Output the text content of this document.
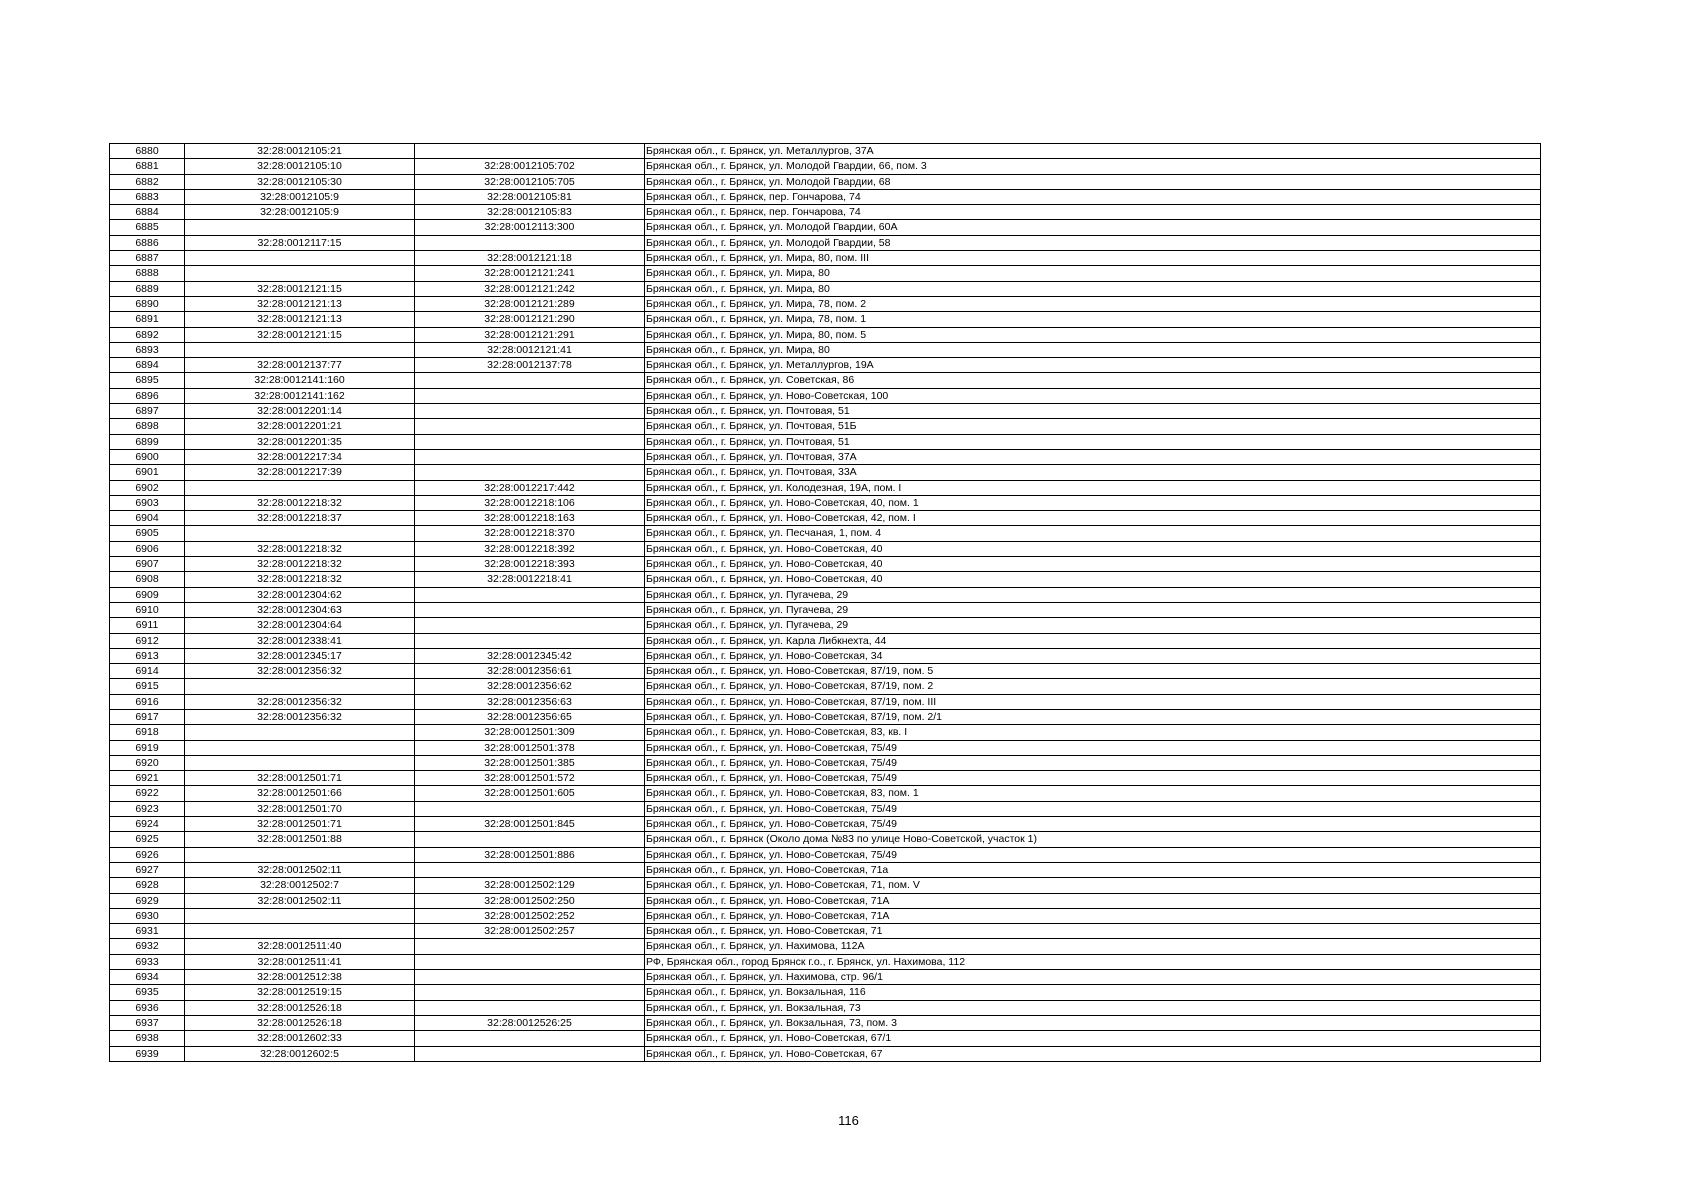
6880	32:28:0012105:21		Брянская обл., г. Брянск, ул. Металлургов, 37А
6881	32:28:0012105:10	32:28:0012105:702	Брянская обл., г. Брянск, ул. Молодой Гвардии, 66, пом. 3
6882	32:28:0012105:30	32:28:0012105:705	Брянская обл., г. Брянск, ул. Молодой Гвардии, 68
6883	32:28:0012105:9	32:28:0012105:81	Брянская обл., г. Брянск, пер. Гончарова, 74
6884	32:28:0012105:9	32:28:0012105:83	Брянская обл., г. Брянск, пер. Гончарова, 74
6885		32:28:0012113:300	Брянская обл., г. Брянск, ул. Молодой Гвардии, 60А
6886	32:28:0012117:15		Брянская обл., г. Брянск, ул. Молодой Гвардии, 58
6887		32:28:0012121:18	Брянская обл., г. Брянск, ул. Мира, 80, пом. III
6888		32:28:0012121:241	Брянская обл., г. Брянск, ул. Мира, 80
6889	32:28:0012121:15	32:28:0012121:242	Брянская обл., г. Брянск, ул. Мира, 80
6890	32:28:0012121:13	32:28:0012121:289	Брянская обл., г. Брянск, ул. Мира, 78, пом. 2
6891	32:28:0012121:13	32:28:0012121:290	Брянская обл., г. Брянск, ул. Мира, 78, пом. 1
6892	32:28:0012121:15	32:28:0012121:291	Брянская обл., г. Брянск, ул. Мира, 80, пом. 5
6893		32:28:0012121:41	Брянская обл., г. Брянск, ул. Мира, 80
6894	32:28:0012137:77	32:28:0012137:78	Брянская обл., г. Брянск, ул. Металлургов, 19А
6895	32:28:0012141:160		Брянская обл., г. Брянск, ул. Советская, 86
6896	32:28:0012141:162		Брянская обл., г. Брянск, ул. Ново-Советская, 100
6897	32:28:0012201:14		Брянская обл., г. Брянск, ул. Почтовая, 51
6898	32:28:0012201:21		Брянская обл., г. Брянск, ул. Почтовая, 51Б
6899	32:28:0012201:35		Брянская обл., г. Брянск, ул. Почтовая, 51
6900	32:28:0012217:34		Брянская обл., г. Брянск, ул. Почтовая, 37А
6901	32:28:0012217:39		Брянская обл., г. Брянск, ул. Почтовая, 33А
6902		32:28:0012217:442	Брянская обл., г. Брянск, ул. Колодезная, 19А, пом. I
6903	32:28:0012218:32	32:28:0012218:106	Брянская обл., г. Брянск, ул. Ново-Советская, 40, пом. 1
6904	32:28:0012218:37	32:28:0012218:163	Брянская обл., г. Брянск, ул. Ново-Советская, 42, пом. I
6905		32:28:0012218:370	Брянская обл., г. Брянск, ул. Песчаная, 1, пом. 4
6906	32:28:0012218:32	32:28:0012218:392	Брянская обл., г. Брянск, ул. Ново-Советская, 40
6907	32:28:0012218:32	32:28:0012218:393	Брянская обл., г. Брянск, ул. Ново-Советская, 40
6908	32:28:0012218:32	32:28:0012218:41	Брянская обл., г. Брянск, ул. Ново-Советская, 40
6909	32:28:0012304:62		Брянская обл., г. Брянск, ул. Пугачева, 29
6910	32:28:0012304:63		Брянская обл., г. Брянск, ул. Пугачева, 29
6911	32:28:0012304:64		Брянская обл., г. Брянск, ул. Пугачева, 29
6912	32:28:0012338:41		Брянская обл., г. Брянск, ул. Карла Либкнехта, 44
6913	32:28:0012345:17	32:28:0012345:42	Брянская обл., г. Брянск, ул. Ново-Советская, 34
6914	32:28:0012356:32	32:28:0012356:61	Брянская обл., г. Брянск, ул. Ново-Советская, 87/19, пом. 5
6915		32:28:0012356:62	Брянская обл., г. Брянск, ул. Ново-Советская, 87/19, пом. 2
6916	32:28:0012356:32	32:28:0012356:63	Брянская обл., г. Брянск, ул. Ново-Советская, 87/19, пом. III
6917	32:28:0012356:32	32:28:0012356:65	Брянская обл., г. Брянск, ул. Ново-Советская, 87/19, пом. 2/1
6918		32:28:0012501:309	Брянская обл., г. Брянск, ул. Ново-Советская, 83, кв. I
6919		32:28:0012501:378	Брянская обл., г. Брянск, ул. Ново-Советская, 75/49
6920		32:28:0012501:385	Брянская обл., г. Брянск, ул. Ново-Советская, 75/49
6921	32:28:0012501:71	32:28:0012501:572	Брянская обл., г. Брянск, ул. Ново-Советская, 75/49
6922	32:28:0012501:66	32:28:0012501:605	Брянская обл., г. Брянск, ул. Ново-Советская, 83, пом. 1
6923	32:28:0012501:70		Брянская обл., г. Брянск, ул. Ново-Советская, 75/49
6924	32:28:0012501:71	32:28:0012501:845	Брянская обл., г. Брянск, ул. Ново-Советская, 75/49
6925	32:28:0012501:88		Брянская обл., г. Брянск (Около дома №83 по улице Ново-Советской, участок 1)
6926		32:28:0012501:886	Брянская обл., г. Брянск, ул. Ново-Советская, 75/49
6927	32:28:0012502:11		Брянская обл., г. Брянск, ул. Ново-Советская, 71а
6928	32:28:0012502:7	32:28:0012502:129	Брянская обл., г. Брянск, ул. Ново-Советская, 71, пом. V
6929	32:28:0012502:11	32:28:0012502:250	Брянская обл., г. Брянск, ул. Ново-Советская, 71А
6930		32:28:0012502:252	Брянская обл., г. Брянск, ул. Ново-Советская, 71А
6931		32:28:0012502:257	Брянская обл., г. Брянск, ул. Ново-Советская, 71
6932	32:28:0012511:40		Брянская обл., г. Брянск, ул. Нахимова, 112А
6933	32:28:0012511:41		РФ, Брянская обл., город Брянск г.о., г. Брянск, ул. Нахимова, 112
6934	32:28:0012512:38		Брянская обл., г. Брянск, ул. Нахимова, стр. 96/1
6935	32:28:0012519:15		Брянская обл., г. Брянск, ул. Вокзальная, 116
6936	32:28:0012526:18		Брянская обл., г. Брянск, ул. Вокзальная, 73
6937	32:28:0012526:18	32:28:0012526:25	Брянская обл., г. Брянск, ул. Вокзальная, 73, пом. 3
6938	32:28:0012602:33		Брянская обл., г. Брянск, ул. Ново-Советская, 67/1
6939	32:28:0012602:5		Брянская обл., г. Брянск, ул. Ново-Советская, 67
116
